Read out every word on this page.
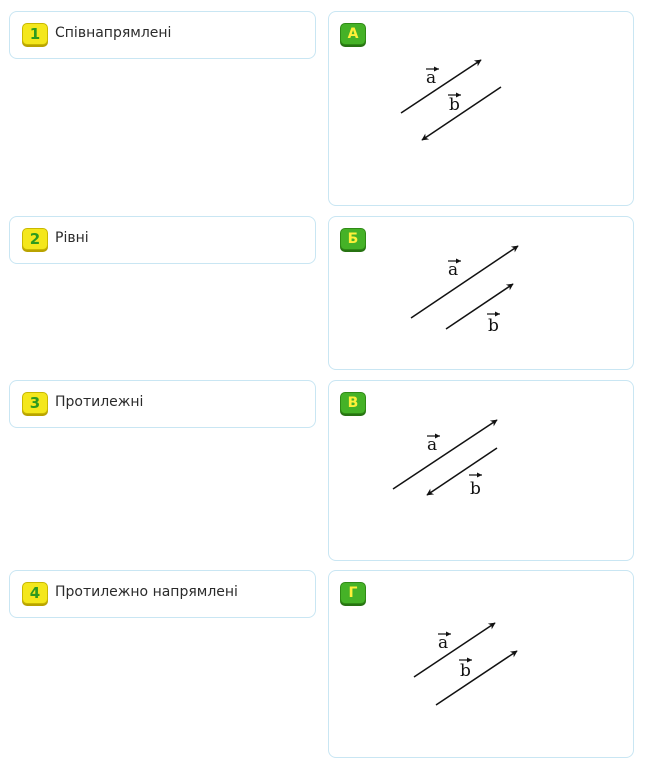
1	Співнапрямлені	А
a
b
2	Рівні	Б
a
b
3	Протилежні	В
a
b
4	Протилежно напрямлені	Г
a
b
